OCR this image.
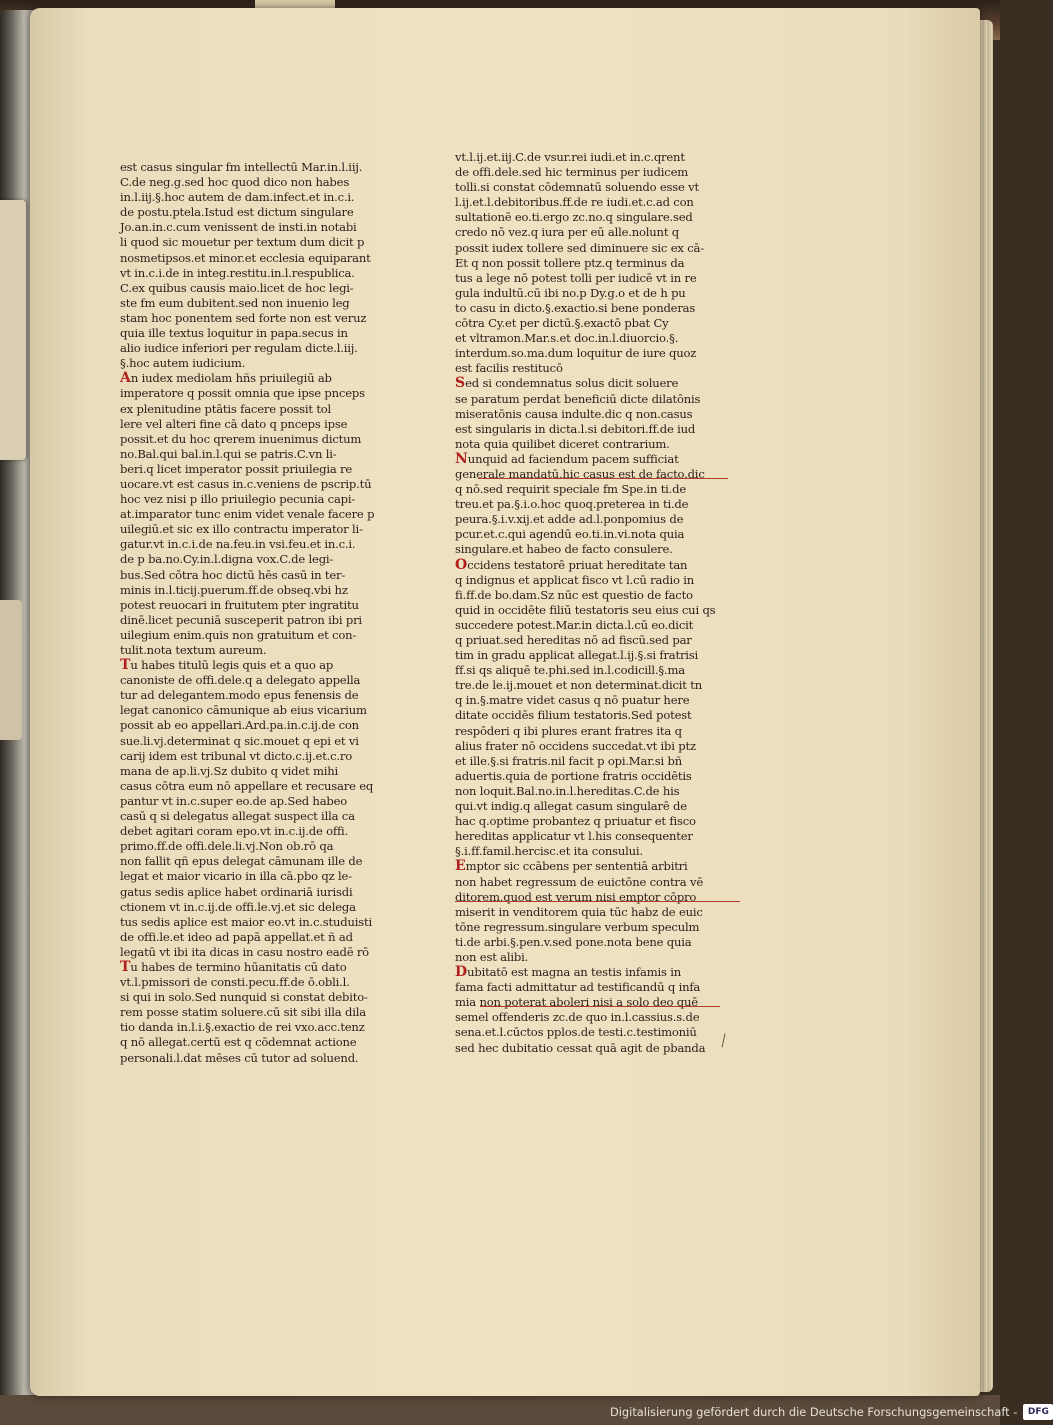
est casus singular fm intellectū Mar.in.l.iij.
C.de neg.g.sed hoc quod dico non habes
in.l.iij.§.hoc autem de dam.infect.et in.c.i.
de postu.ptela.Istud est dictum singulare
Jo.an.in.c.cum venissent de insti.in notabi
li quod sic mouetur per textum dum dicit p
nosmetipsos.et minor.et ecclesia equiparant
vt in.c.i.de in integ.restitu.in.l.respublica.
C.ex quibus causis maio.licet de hoc legi-
ste fm eum dubitent.sed non inuenio leg
stam hoc ponentem sed forte non est veruz
quia ille textus loquitur in papa.secus in
alio iudice inferiori per regulam dicte.l.iij.
§.hoc autem iudicium.

An iudex mediolam hñs priuilegiū ab
imperatore q possit omnia que ipse pnceps
ex plenitudine ptātis facere possit tol
lere vel alteri fine cā dato q pnceps ipse
possit.et du hoc qrerem inuenimus dictum
no.Bal.qui bal.in.l.qui se patris.C.vn li-
beri.q licet imperator possit priuilegia re
uocare.vt est casus in.c.veniens de pscrip.tū
hoc vez nisi p illo priuilegio pecunia capi-
at.imparator tunc enim videt venale facere p
uilegiū.et sic ex illo contractu imperator li-
gatur.vt in.c.i.de na.feu.in vsi.feu.et in.c.i.
de p ba.no.Cy.in.l.digna vox.C.de legi-
bus.Sed cōtra hoc dictū hēs casū in ter-
minis in.l.ticij.puerum.ff.de obseq.vbi hz
potest reuocari in fruitutem pter ingratitu
dinē.licet pecuniā susceperit patron ibi pri
uilegium enim.quis non gratuitum et con-
tulit.nota textum aureum.

Tu habes titulū legis quis et a quo ap
canoniste de offi.dele.q a delegato appella
tur ad delegantem.modo epus fenensis de
legat canonico cāmunique ab eius vicarium
possit ab eo appellari.Ard.pa.in.c.ij.de con
sue.li.vj.determinat q sic.mouet q epi et vi
carij idem est tribunal vt dicto.c.ij.et.c.ro
mana de ap.li.vj.Sz dubito q videt mihi
casus cōtra eum nō appellare et recusare eq
pantur vt in.c.super eo.de ap.Sed habeo
casū q si delegatus allegat suspect illa ca
debet agitari coram epo.vt in.c.ij.de offi.
primo.ff.de offi.dele.li.vj.Non ob.rō qa
non fallit qñ epus delegat cāmunam ille de
legat et maior vicario in illa cā.pbo qz le-
gatus sedis aplice habet ordinariā iurisdi
ctionem vt in.c.ij.de offi.le.vj.et sic delega
tus sedis aplice est maior eo.vt in.c.studuisti
de offi.le.et ideo ad papā appellat.et ñ ad
legatū vt ibi ita dicas in casu nostro eadē rō

Tu habes de termino hūanitatis cū dato
vt.l.pmissori de consti.pecu.ff.de ō.obli.l.
si qui in solo.Sed nunquid si constat debito-
rem posse statim soluere.cū sit sibi illa dila
tio danda in.l.i.§.exactio de rei vxo.acc.tenz
q nō allegat.certū est q cōdemnat actione
personali.l.dat mēses cū tutor ad soluend.

vt.l.ij.et.iij.C.de vsur.rei iudi.et in.c.qrent
de offi.dele.sed hic terminus per iudicem
tolli.si constat cōdemnatū soluendo esse vt
l.ij.et.l.debitoribus.ff.de re iudi.et.c.ad con
sultationē eo.ti.ergo zc.no.q singulare.sed
credo nō vez.q iura per eū alle.nolunt q
possit iudex tollere sed diminuere sic ex cā-
Et q non possit tollere ptz.q terminus da
tus a lege nō potest tolli per iudicē vt in re
gula indultū.cū ibi no.p Dy.g.o et de h pu
to casu in dicto.§.exactio.si bene ponderas
cōtra Cy.et per dictū.§.exactō pbat Cy
et vltramon.Mar.s.et doc.in.l.diuorcio.§.
interdum.so.ma.dum loquitur de iure quoz
est facilis restitucō

Sed si condemnatus solus dicit soluere
se paratum perdat beneficiū dicte dilatōnis
miseratōnis causa indulte.dic q non.casus
est singularis in dicta.l.si debitori.ff.de iud
nota quia quilibet diceret contrarium.

Nunquid ad faciendum pacem sufficiat
generale mandatū.hic casus est de facto.dic
q nō.sed requirit speciale fm Spe.in ti.de
treu.et pa.§.i.o.hoc quoq.preterea in ti.de
peura.§.i.v.xij.et adde ad.l.ponpomius de
pcur.et.c.qui agendū eo.ti.in.vi.nota quia
singulare.et habeo de facto consulere.

Occidens testatorē priuat hereditate tan
q indignus et applicat fisco vt l.cū radio in
fi.ff.de bo.dam.Sz nūc est questio de facto
quid in occidēte filiū testatoris seu eius cui qs
succedere potest.Mar.in dicta.l.cū eo.dicit
q priuat.sed hereditas nō ad fiscū.sed par
tim in gradu applicat allegat.l.ij.§.si fratrisi
ff.si qs aliquē te.phi.sed in.l.codicill.§.ma
tre.de le.ij.mouet et non determinat.dicit tn
q in.§.matre videt casus q nō puatur here
ditate occidēs filium testatoris.Sed potest
respōderi q ibi plures erant fratres ita q
alius frater nō occidens succedat.vt ibi ptz
et ille.§.si fratris.nil facit p opi.Mar.si bñ
aduertis.quia de portione fratris occidētis
non loquit.Bal.no.in.l.hereditas.C.de his
qui.vt indig.q allegat casum singularē de
hac q.optime probantez q priuatur et fisco
hereditas applicatur vt l.his consequenter
§.i.ff.famil.hercisc.et ita consului.

Emptor sic ccābens per sententiā arbitri
non habet regressum de euictōne contra vē
ditorem.quod est verum nisi emptor cōpro
miserit in venditorem quia tūc habz de euic
tōne regressum.singulare verbum speculm
ti.de arbi.§.pen.v.sed pone.nota bene quia
non est alibi.

Dubitatō est magna an testis infamis in
fama facti admittatur ad testificandū q infa
mia non poterat aboleri nisi a solo deo quē
semel offenderis zc.de quo in.l.cassius.s.de
sena.et.l.cūctos pplos.de testi.c.testimoniū
sed hec dubitatio cessat quā agit de pbanda

Digitalisierung gefördert durch die Deutsche Forschungsgemeinschaft -	DFG
